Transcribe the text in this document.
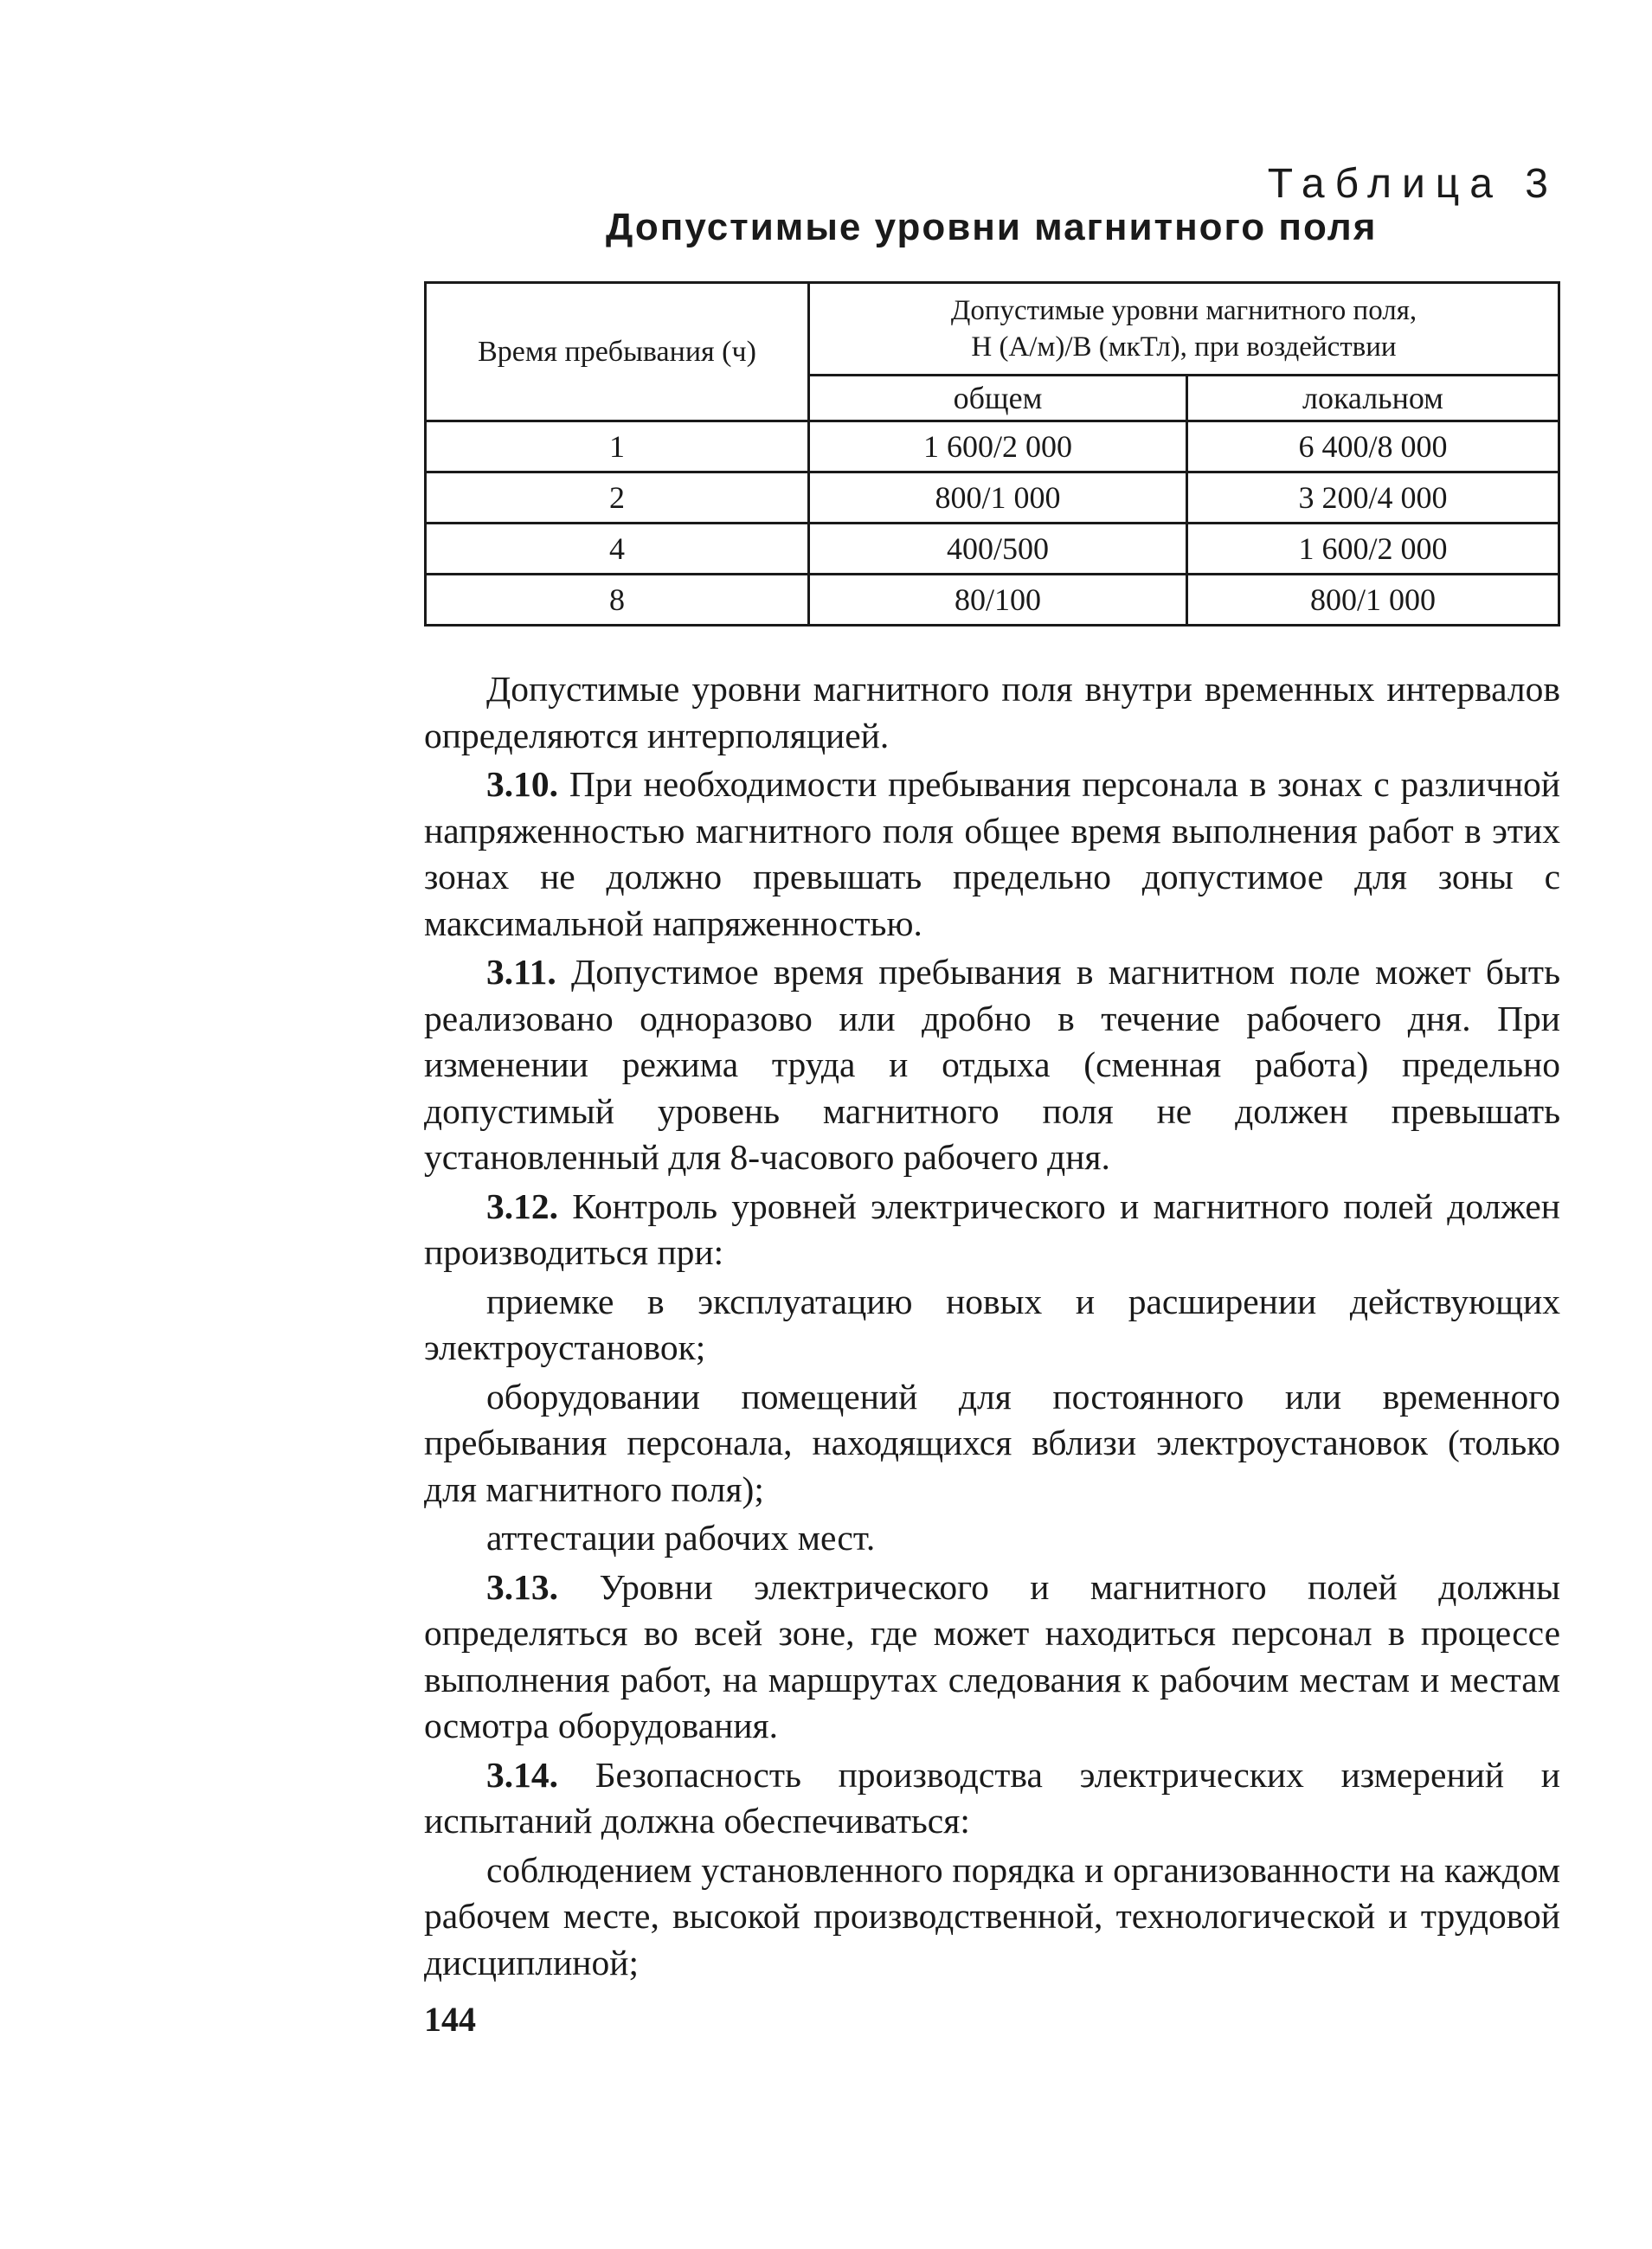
Таблица 3
Допустимые уровни магнитного поля
Время пребывания (ч)	Допустимые уровни магнитного поля,
Н (А/м)/В (мкТл), при воздействии	

	общем	локальном
1	1 600/2 000	6 400/8 000
2	800/1 000	3 200/4 000
4	400/500	1 600/2 000
8	80/100	800/1 000

Допустимые уровни магнитного поля внутри временных интервалов определяются интерполяцией.

3.10. При необходимости пребывания персонала в зонах с различной напряженностью магнитного поля общее время выполнения работ в этих зонах не должно превышать предельно допустимое для зоны с максимальной напряженностью.

3.11. Допустимое время пребывания в магнитном поле может быть реализовано одноразово или дробно в течение рабочего дня. При изменении режима труда и отдыха (сменная работа) предельно допустимый уровень магнитного поля не должен превышать установленный для 8-часового рабочего дня.

3.12. Контроль уровней электрического и магнитного полей должен производиться при:

приемке в эксплуатацию новых и расширении действующих электроустановок;

оборудовании помещений для постоянного или временного пребывания персонала, находящихся вблизи электроустановок (только для магнитного поля);

аттестации рабочих мест.

3.13. Уровни электрического и магнитного полей должны определяться во всей зоне, где может находиться персонал в процессе выполнения работ, на маршрутах следования к рабочим местам и местам осмотра оборудования.

3.14. Безопасность производства электрических измерений и испытаний должна обеспечиваться:

соблюдением установленного порядка и организованности на каждом рабочем месте, высокой производственной, технологической и трудовой дисциплиной;

144
